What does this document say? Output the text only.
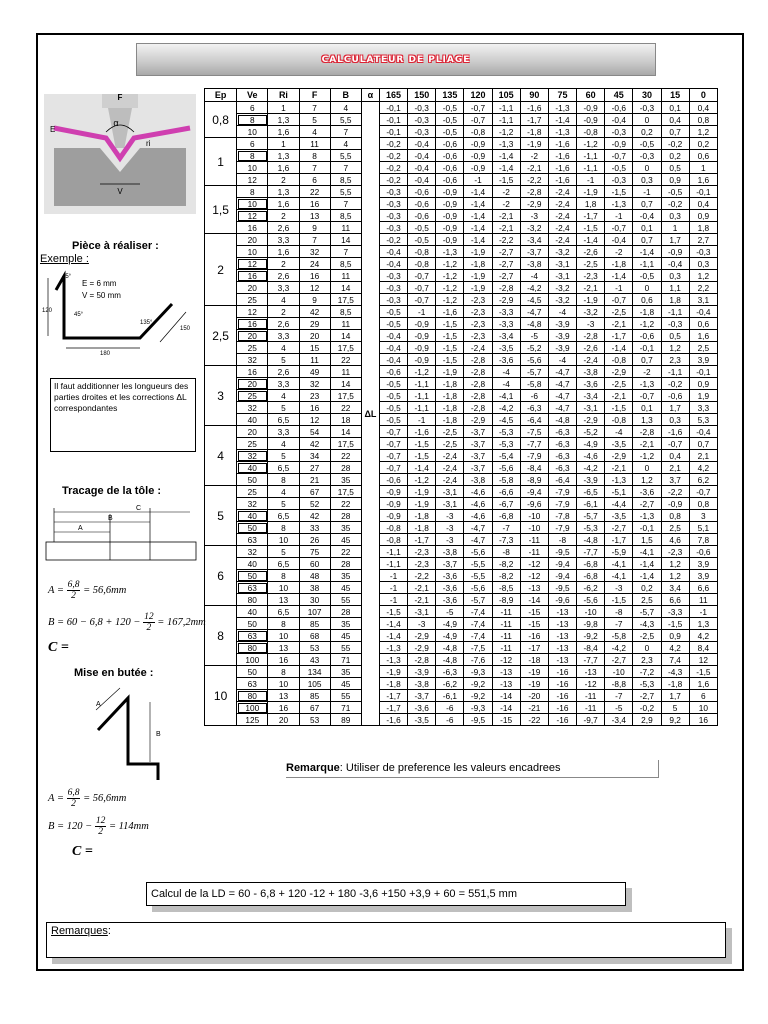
CALCULATEUR DE PLIAGE
F
α
ri
V
E
Pièce à réaliser :
Exemple :
E = 6 mm
V = 50 mm
120
45°
135°
150
180
45°
Il faut additionner les longueurs des parties droites et les corrections ΔL correspondantes
Tracage de la tôle :
C
B
A
$A = \frac{6,8}{2} = 56,6mm$
$B = 60 - 6,8 + 120 - \frac{12}{2} = 167,2mm$
C =
Mise en butée :
A
B
$A = \frac{6,8}{2} = 56,6mm$
$B = 120 - \frac{12}{2} = 114mm$
C =
Ep	Ve	Ri	F	B	α	165	150	135	120	105	90	75	60	45	30	15	0
0,8	6	1	7	4	ΔL	-0,1	-0,3	-0,5	-0,7	-1,1	-1,6	-1,3	-0,9	-0,6	-0,3	0,1	0,4
	8	1,3	5	5,5		-0,1	-0,3	-0,5	-0,7	-1,1	-1,7	-1,4	-0,9	-0,4	0	0,4	0,8
	10	1,6	4	7		-0,1	-0,3	-0,5	-0,8	-1,2	-1,8	-1,3	-0,8	-0,3	0,2	0,7	1,2
1	6	1	11	4		-0,2	-0,4	-0,6	-0,9	-1,3	-1,9	-1,6	-1,2	-0,9	-0,5	-0,2	0,2
	8	1,3	8	5,5		-0,2	-0,4	-0,6	-0,9	-1,4	-2	-1,6	-1,1	-0,7	-0,3	0,2	0,6
	10	1,6	7	7		-0,2	-0,4	-0,6	-0,9	-1,4	-2,1	-1,6	-1,1	-0,5	0	0,5	1
	12	2	6	8,5		-0,2	-0,4	-0,6	-1	-1,5	-2,2	-1,6	-1	-0,3	0,3	0,9	1,6
1,5	8	1,3	22	5,5		-0,3	-0,6	-0,9	-1,4	-2	-2,8	-2,4	-1,9	-1,5	-1	-0,5	-0,1
	10	1,6	16	7		-0,3	-0,6	-0,9	-1,4	-2	-2,9	-2,4	1,8	-1,3	0,7	-0,2	0,4
	12	2	13	8,5		-0,3	-0,6	-0,9	-1,4	-2,1	-3	-2,4	-1,7	-1	-0,4	0,3	0,9
	16	2,6	9	11		-0,3	-0,5	-0,9	-1,4	-2,1	-3,2	-2,4	-1,5	-0,7	0,1	1	1,8
2	20	3,3	7	14		-0,2	-0,5	-0,9	-1,4	-2,2	-3,4	-2,4	-1,4	-0,4	0,7	1,7	2,7
	10	1,6	32	7		-0,4	-0,8	-1,3	-1,9	-2,7	-3,7	-3,2	-2,6	-2	-1,4	-0,9	-0,3
	12	2	24	8,5		-0,4	-0,8	-1,2	-1,8	-2,7	-3,8	-3,1	-2,5	-1,8	-1,1	-0,4	0,3
	16	2,6	16	11		-0,3	-0,7	-1,2	-1,9	-2,7	-4	-3,1	-2,3	-1,4	-0,5	0,3	1,2
	20	3,3	12	14		-0,3	-0,7	-1,2	-1,9	-2,8	-4,2	-3,2	-2,1	-1	0	1,1	2,2
	25	4	9	17,5		-0,3	-0,7	-1,2	-2,3	-2,9	-4,5	-3,2	-1,9	-0,7	0,6	1,8	3,1
2,5	12	2	42	8,5		-0,5	-1	-1,6	-2,3	-3,3	-4,7	-4	-3,2	-2,5	-1,8	-1,1	-0,4
	16	2,6	29	11		-0,5	-0,9	-1,5	-2,3	-3,3	-4,8	-3,9	-3	-2,1	-1,2	-0,3	0,6
	20	3,3	20	14		-0,4	-0,9	-1,5	-2,3	-3,4	-5	-3,9	-2,8	-1,7	-0,6	0,5	1,6
	25	4	15	17,5		-0,4	-0,9	-1,5	-2,4	-3,5	-5,2	-3,9	-2,6	-1,4	-0,1	1,2	2,5
	32	5	11	22		-0,4	-0,9	-1,5	-2,8	-3,6	-5,6	-4	-2,4	-0,8	0,7	2,3	3,9
3	16	2,6	49	11		-0,6	-1,2	-1,9	-2,8	-4	-5,7	-4,7	-3,8	-2,9	-2	-1,1	-0,1
	20	3,3	32	14		-0,5	-1,1	-1,8	-2,8	-4	-5,8	-4,7	-3,6	-2,5	-1,3	-0,2	0,9
	25	4	23	17,5		-0,5	-1,1	-1,8	-2,8	-4,1	-6	-4,7	-3,4	-2,1	-0,7	-0,6	1,9
	32	5	16	22		-0,5	-1,1	-1,8	-2,8	-4,2	-6,3	-4,7	-3,1	-1,5	0,1	1,7	3,3
	40	6,5	12	18		-0,5	-1	-1,8	-2,9	-4,5	-6,4	-4,8	-2,9	-0,8	1,3	0,3	5,3
4	20	3,3	54	14		-0,7	-1,6	-2,5	-3,7	-5,3	-7,5	-6,3	-5,2	-4	-2,8	-1,6	-0,4
	25	4	42	17,5		-0,7	-1,5	-2,5	-3,7	-5,3	-7,7	-6,3	-4,9	-3,5	-2,1	-0,7	0,7
	32	5	34	22		-0,7	-1,5	-2,4	-3,7	-5,4	-7,9	-6,3	-4,6	-2,9	-1,2	0,4	2,1
	40	6,5	27	28		-0,7	-1,4	-2,4	-3,7	-5,6	-8,4	-6,3	-4,2	-2,1	0	2,1	4,2
	50	8	21	35		-0,6	-1,2	-2,4	-3,8	-5,8	-8,9	-6,4	-3,9	-1,3	1,2	3,7	6,2
5	25	4	67	17,5		-0,9	-1,9	-3,1	-4,6	-6,6	-9,4	-7,9	-6,5	-5,1	-3,6	-2,2	-0,7
	32	5	52	22		-0,9	-1,9	-3,1	-4,6	-6,7	-9,6	-7,9	-6,1	-4,4	-2,7	-0,9	0,8
	40	6,5	42	28		-0,9	-1,8	-3	-4,6	-6,8	-10	-7,8	-5,7	-3,5	-1,3	0,8	3
	50	8	33	35		-0,8	-1,8	-3	-4,7	-7	-10	-7,9	-5,3	-2,7	-0,1	2,5	5,1
	63	10	26	45		-0,8	-1,7	-3	-4,7	-7,3	-11	-8	-4,8	-1,7	1,5	4,6	7,8
6	32	5	75	22		-1,1	-2,3	-3,8	-5,6	-8	-11	-9,5	-7,7	-5,9	-4,1	-2,3	-0,6
	40	6,5	60	28		-1,1	-2,3	-3,7	-5,5	-8,2	-12	-9,4	-6,8	-4,1	-1,4	1,2	3,9
	50	8	48	35		-1	-2,2	-3,6	-5,5	-8,2	-12	-9,4	-6,8	-4,1	-1,4	1,2	3,9
	63	10	38	45		-1	-2,1	-3,6	-5,6	-8,5	-13	-9,5	-6,2	-3	0,2	3,4	6,6
	80	13	30	55		-1	-2,1	-3,6	-5,7	-8,9	-14	-9,6	-5,6	-1,5	2,5	6,6	11
8	40	6,5	107	28		-1,5	-3,1	-5	-7,4	-11	-15	-13	-10	-8	-5,7	-3,3	-1
	50	8	85	35		-1,4	-3	-4,9	-7,4	-11	-15	-13	-9,8	-7	-4,3	-1,5	1,3
	63	10	68	45		-1,4	-2,9	-4,9	-7,4	-11	-16	-13	-9,2	-5,8	-2,5	0,9	4,2
	80	13	53	55		-1,3	-2,9	-4,8	-7,5	-11	-17	-13	-8,4	-4,2	0	4,2	8,4
	100	16	43	71		-1,3	-2,8	-4,8	-7,6	-12	-18	-13	-7,7	-2,7	2,3	7,4	12
10	50	8	134	35		-1,9	-3,9	-6,3	-9,3	-13	-19	-16	-13	-10	-7,2	-4,3	-1,5
	63	10	105	45		-1,8	-3,8	-6,2	-9,2	-13	-19	-16	-12	-8,8	-5,3	-1,8	1,6
	80	13	85	55		-1,7	-3,7	-6,1	-9,2	-14	-20	-16	-11	-7	-2,7	1,7	6
	100	16	67	71		-1,7	-3,6	-6	-9,3	-14	-21	-16	-11	-5	-0,2	5	10
	125	20	53	89		-1,6	-3,5	-6	-9,5	-15	-22	-16	-9,7	-3,4	2,9	9,2	16
Remarque: Utiliser de preference les valeurs encadrees
Calcul de la LD = 60 - 6,8 + 120 -12 + 180 -3,6 +150 +3,9 + 60 = 551,5 mm
Remarques:
